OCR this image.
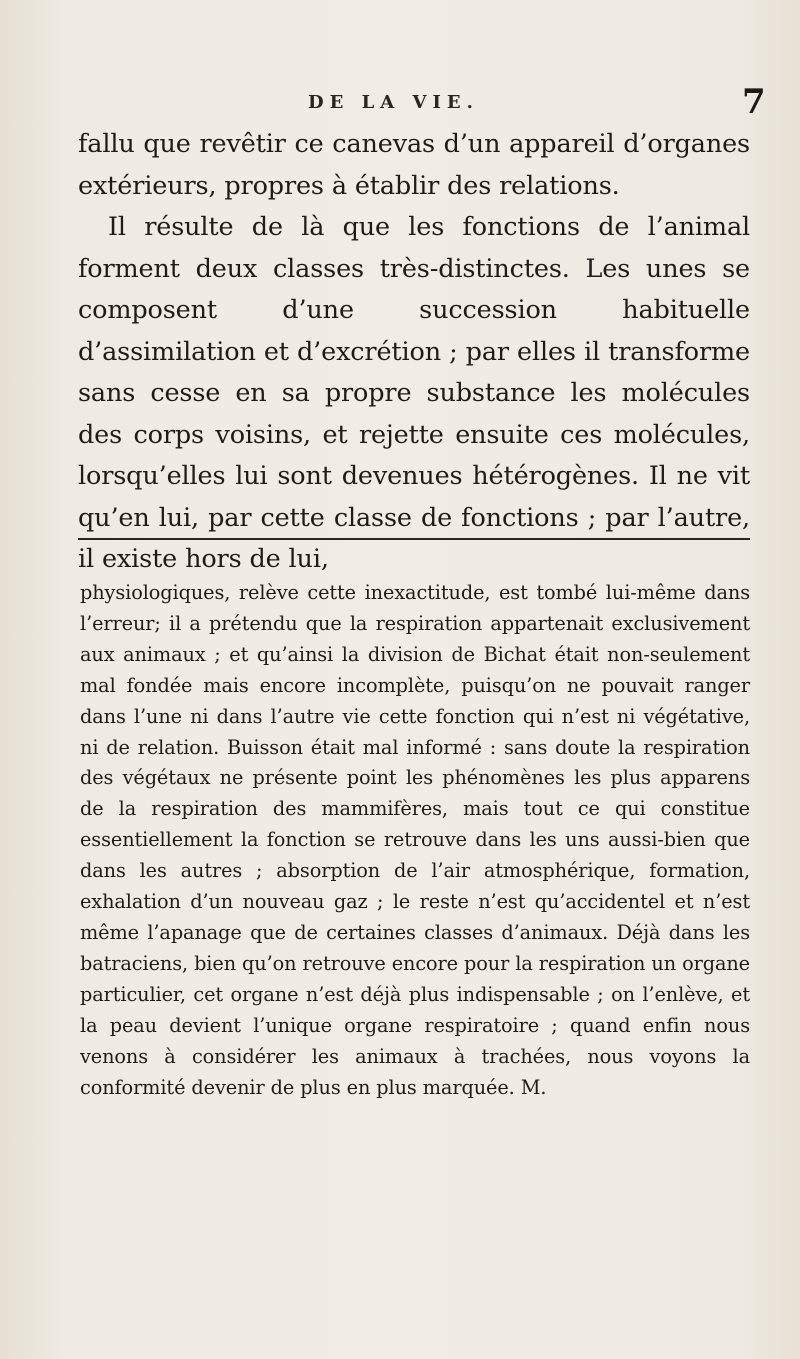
DE LA VIE.	7

fallu que revêtir ce canevas d’un appareil d’organes extérieurs, propres à établir des relations.

Il résulte de là que les fonctions de l’animal forment deux classes très-distinctes. Les unes se composent d’une succession habituelle d’assimilation et d’excrétion ; par elles il transforme sans cesse en sa propre substance les molécules des corps voisins, et rejette ensuite ces molécules, lorsqu’elles lui sont devenues hétérogènes. Il ne vit qu’en lui, par cette classe de fonctions ; par l’autre, il existe hors de lui,

physiologiques, relève cette inexactitude, est tombé lui-même dans l’erreur; il a prétendu que la respiration appartenait exclusivement aux animaux ; et qu’ainsi la division de Bichat était non-seulement mal fondée mais encore incomplète, puisqu’on ne pouvait ranger dans l’une ni dans l’autre vie cette fonction qui n’est ni végétative, ni de relation. Buisson était mal informé : sans doute la respiration des végétaux ne présente point les phénomènes les plus apparens de la respiration des mammifères, mais tout ce qui constitue essentiellement la fonction se retrouve dans les uns aussi-bien que dans les autres ; absorption de l’air atmosphérique, formation, exhalation d’un nouveau gaz ; le reste n’est qu’accidentel et n’est même l’apanage que de certaines classes d’animaux. Déjà dans les batraciens, bien qu’on retrouve encore pour la respiration un organe particulier, cet organe n’est déjà plus indispensable ; on l’enlève, et la peau devient l’unique organe respiratoire ; quand enfin nous venons à considérer les animaux à trachées, nous voyons la conformité devenir de plus en plus marquée. M.
